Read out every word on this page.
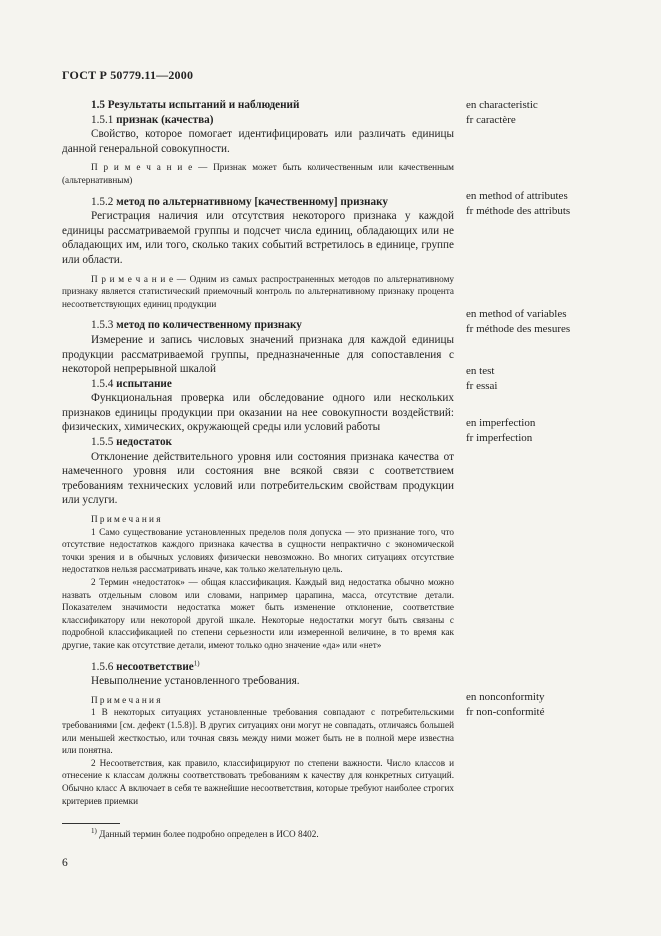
ГОСТ Р 50779.11—2000
1.5 Результаты испытаний и наблюдений
1.5.1 признак (качества)
Свойство, которое помогает идентифицировать или различать единицы данной генеральной совокупности.
П р и м е ч а н и е — Признак может быть количественным или качественным (альтернативным)
1.5.2 метод по альтернативному [качественному] признаку
Регистрация наличия или отсутствия некоторого признака у каждой единицы рассматриваемой группы и подсчет числа единиц, обладающих или не обладающих им, или того, сколько таких событий встретилось в единице, группе или области.
П р и м е ч а н и е — Одним из самых распространенных методов по альтернативному признаку является статистический приемочный контроль по альтернативному признаку процента несоответствующих единиц продукции
1.5.3 метод по количественному признаку
Измерение и запись числовых значений признака для каждой единицы продукции рассматриваемой группы, предназначенные для сопоставления с некоторой непрерывной шкалой
1.5.4 испытание
Функциональная проверка или обследование одного или нескольких признаков единицы продукции при оказании на нее совокупности воздействий: физических, химических, окружающей среды или условий работы
1.5.5 недостаток
Отклонение действительного уровня или состояния признака качества от намеченного уровня или состояния вне всякой связи с соответствием требованиям технических условий или потребительским свойствам продукции или услуги.
П р и м е ч а н и я
1 Само существование установленных пределов поля допуска — это признание того, что отсутствие недостатков каждого признака качества в сущности непрактично с экономической точки зрения и в обычных условиях физически невозможно. Во многих ситуациях отсутствие недостатков нельзя рассматривать иначе, как только желательную цель.
2 Термин «недостаток» — общая классификация. Каждый вид недостатка обычно можно назвать отдельным словом или словами, например царапина, масса, отсутствие детали. Показателем значимости недостатка может быть изменение отклонение, соответствие классификатору или некоторой другой шкале. Некоторые недостатки могут быть связаны с подробной классификацией по степени серьезности или измеренной величине, в то время как другие, такие как отсутствие детали, имеют только одно значение «да» или «нет»
1.5.6 несоответствие$^{1)}$
Невыполнение установленного требования.
П р и м е ч а н и я
1 В некоторых ситуациях установленные требования совпадают с потребительскими требованиями [см. дефект (1.5.8)]. В других ситуациях они могут не совпадать, отличаясь большей или меньшей жесткостью, или точная связь между ними может быть не в полной мере известна или понятна.
2 Несоответствия, как правило, классифицируют по степени важности. Число классов и отнесение к классам должны соответствовать требованиям к качеству для конкретных ситуаций. Обычно класс А включает в себя те важнейшие несоответствия, которые требуют наиболее строгих критериев приемки
en characteristic
fr caractère
en method of attributes
fr méthode des attributs
en method of variables
fr méthode des mesures
en test
fr essai
en imperfection
fr imperfection
en nonconformity
fr non-conformité
$^{1)}$ Данный термин более подробно определен в ИСО 8402.
6
